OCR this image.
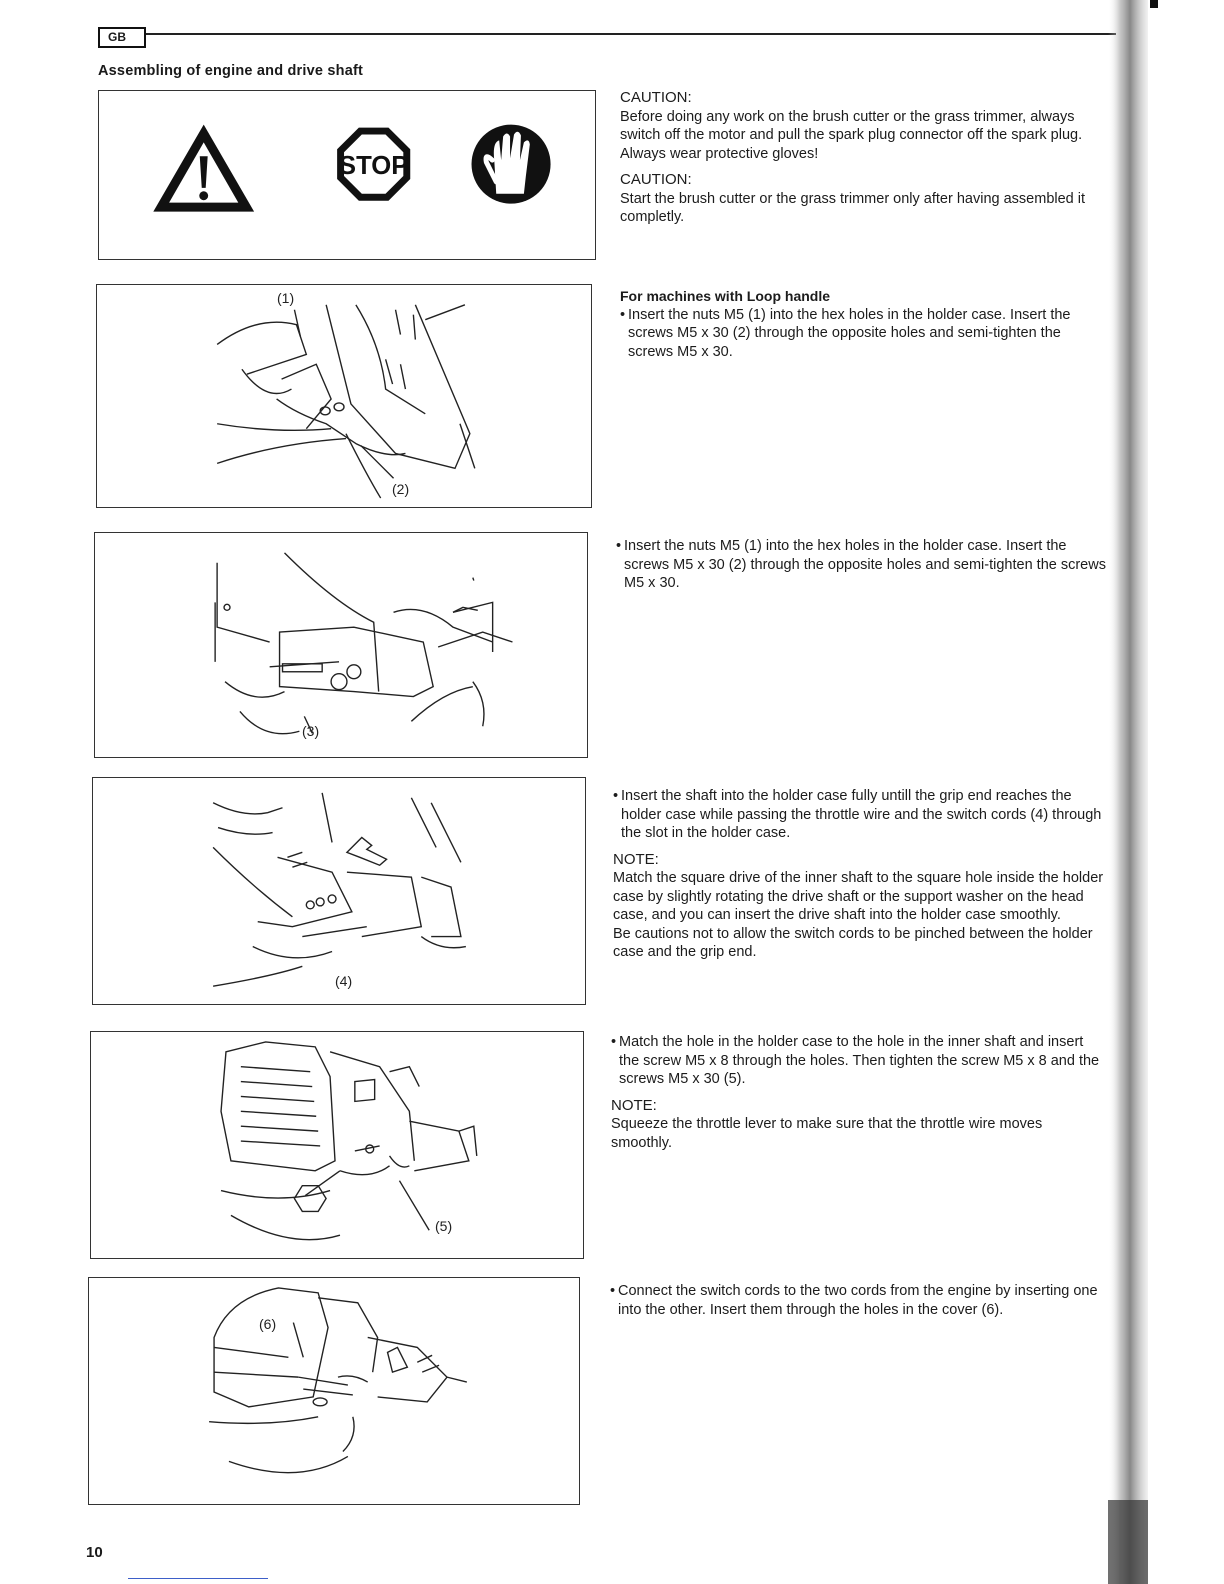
GB
Assembling of engine and drive shaft
STOP

CAUTION:

Before doing any work on the brush cutter or the grass trimmer, always switch off the motor and pull the spark plug connector off the spark plug. Always wear protective gloves!

CAUTION:

Start the brush cutter or the grass trimmer only after having assembled it completly.

(1)
(2)

For machines with Loop handle

• Insert the nuts M5 (1) into the hex holes in the holder case. Insert the screws M5 x 30 (2) through the opposite holes and semi-tighten the screws M5 x 30.

(3)
• Insert the nuts M5 (1) into the hex holes in the holder case. Insert the screws M5 x 30 (2) through the opposite holes and semi-tighten the screws M5 x 30.

(4)
• Insert the shaft into the holder case fully untill the grip end reaches the holder case while passing the throttle wire and the switch cords (4) through the slot in the holder case.

NOTE:

Match the square drive of the inner shaft to the square hole inside the holder case by slightly rotating the drive shaft or the support washer on the head case, and you can insert the drive shaft into the holder case smoothly.

Be cautions not to allow the switch cords to be pinched between the holder case and the grip end.

(5)
• Match the hole in the holder case to the hole in the inner shaft and insert the screw M5 x 8 through the holes. Then tighten the screw M5 x 8 and the screws M5 x 30 (5).

NOTE:

Squeeze the throttle lever to make sure that the throttle wire moves smoothly.

(6)
• Connect the switch cords to the two cords from the engine by inserting one into the other. Insert them through the holes in the cover (6).

10
